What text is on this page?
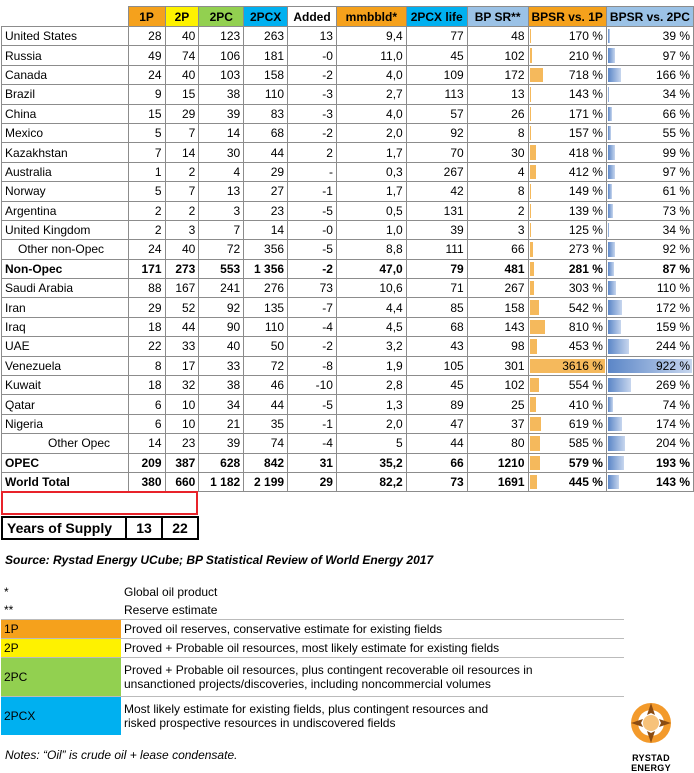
	1P	2P	2PC	2PCX	Added	mmbbld*	2PCX life	BP SR**	BPSR vs. 1P	BPSR vs. 2PC
United States	28	40	123	263	13	9,4	77	48	170 %	39 %
Russia	49	74	106	181	-0	11,0	45	102	210 %	97 %
Canada	24	40	103	158	-2	4,0	109	172	718 %	166 %
Brazil	9	15	38	110	-3	2,7	113	13	143 %	34 %
China	15	29	39	83	-3	4,0	57	26	171 %	66 %
Mexico	5	7	14	68	-2	2,0	92	8	157 %	55 %
Kazakhstan	7	14	30	44	2	1,7	70	30	418 %	99 %
Australia	1	2	4	29	-	0,3	267	4	412 %	97 %
Norway	5	7	13	27	-1	1,7	42	8	149 %	61 %
Argentina	2	2	3	23	-5	0,5	131	2	139 %	73 %
United Kingdom	2	3	7	14	-0	1,0	39	3	125 %	34 %
Other non-Opec	24	40	72	356	-5	8,8	111	66	273 %	92 %
Non-Opec	171	273	553	1 356	-2	47,0	79	481	281 %	87 %
Saudi Arabia	88	167	241	276	73	10,6	71	267	303 %	110 %
Iran	29	52	92	135	-7	4,4	85	158	542 %	172 %
Iraq	18	44	90	110	-4	4,5	68	143	810 %	159 %
UAE	22	33	40	50	-2	3,2	43	98	453 %	244 %
Venezuela	8	17	33	72	-8	1,9	105	301	3616 %	922 %
Kuwait	18	32	38	46	-10	2,8	45	102	554 %	269 %
Qatar	6	10	34	44	-5	1,3	89	25	410 %	74 %
Nigeria	6	10	21	35	-1	2,0	47	37	619 %	174 %
Other Opec	14	23	39	74	-4	5	44	80	585 %	204 %
OPEC	209	387	628	842	31	35,2	66	1210	579 %	193 %
World Total	380	660	1 182	2 199	29	82,2	73	1691	445 %	143 %
Years of Supply	13	22
Source: Rystad Energy UCube; BP Statistical Review of World Energy 2017
*	Global oil product
**	Reserve estimate
1P	Proved oil reserves, conservative estimate for existing fields
2P	Proved + Probable oil resources, most likely estimate for existing fields
2PC	Proved + Probable oil resources, plus contingent recoverable oil resources in
unsanctioned projects/discoveries, including noncommercial volumes

2PCX	Most likely estimate for existing fields, plus contingent resources and
risked prospective resources in undiscovered fields
Notes: “Oil” is crude oil + lease condensate.	RYSTAD ENERGY
